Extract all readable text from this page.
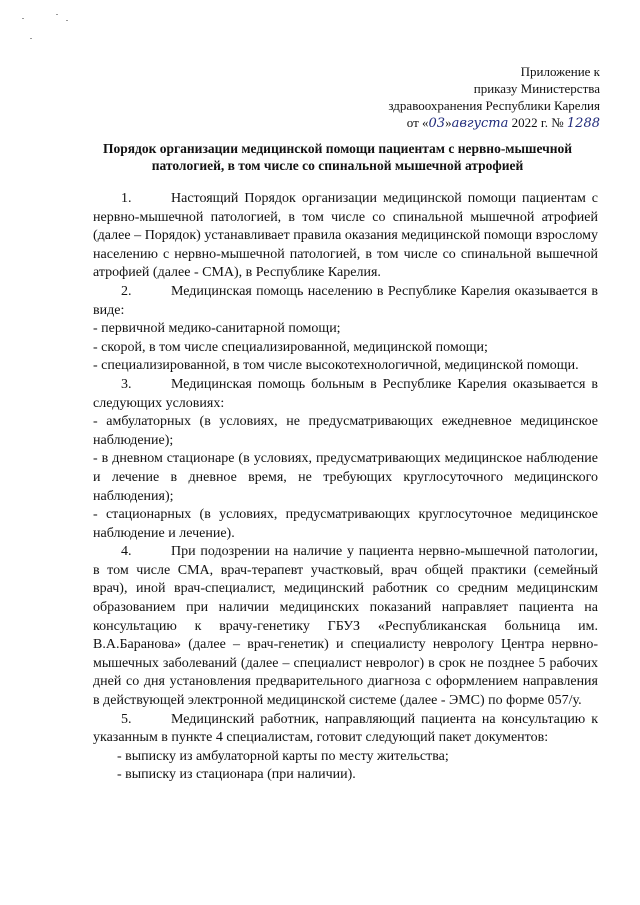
Приложение к
приказу Министерства
здравоохранения Республики Карелия
от «03»августа 2022 г. № 1288
Порядок организации медицинской помощи пациентам с нервно-мышечной патологией, в том числе со спинальной мышечной атрофией

1.	Настоящий Порядок организации медицинской помощи пациентам с нервно-мышечной патологией, в том числе со спинальной мышечной атрофией (далее – Порядок) устанавливает правила оказания медицинской помощи взрослому населению с нервно-мышечной патологией, в том числе со спинальной вышечной атрофией (далее - СМА), в Республике Карелия.

2.	Медицинская помощь населению в Республике Карелия оказывается в виде:

- первичной медико-санитарной помощи;

- скорой, в том числе специализированной, медицинской помощи;

- специализированной, в том числе высокотехнологичной, медицинской помощи.

3.	Медицинская помощь больным в Республике Карелия оказывается в следующих условиях:

- амбулаторных (в условиях, не предусматривающих ежедневное медицинское наблюдение);

- в дневном стационаре (в условиях, предусматривающих медицинское наблюдение и лечение в дневное время, не требующих круглосуточного медицинского наблюдения);

- стационарных (в условиях, предусматривающих круглосуточное медицинское наблюдение и лечение).

4.	При подозрении на наличие у пациента нервно-мышечной патологии, в том числе СМА, врач-терапевт участковый, врач общей практики (семейный врач), иной врач-специалист, медицинский работник со средним медицинским образованием при наличии медицинских показаний направляет пациента на консультацию к врачу-генетику ГБУЗ «Республиканская больница им. В.А.Баранова» (далее – врач-генетик) и специалисту неврологу Центра нервно-мышечных заболеваний (далее – специалист невролог) в срок не позднее 5 рабочих дней со дня установления предварительного диагноза с оформлением направления в действующей электронной медицинской системе (далее - ЭМС) по форме 057/у.

5.	Медицинский работник, направляющий пациента на консультацию к указанным в пункте 4 специалистам, готовит следующий пакет документов:

- выписку из амбулаторной карты по месту жительства;

- выписку из стационара (при наличии).
